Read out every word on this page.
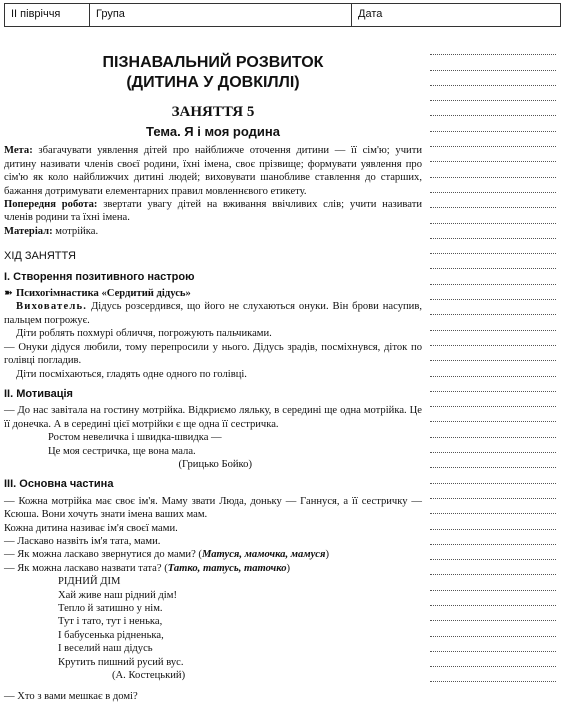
II півріччя	Група	Дата
ПІЗНАВАЛЬНИЙ РОЗВИТОК
(ДИТИНА У ДОВКІЛЛІ)
ЗАНЯТТЯ 5
Тема. Я і моя родина

Мета: збагачувати уявлення дітей про найближче оточення дитини — її сім'ю; учити дитину називати членів своєї родини, їхні імена, своє прізвище; формувати уявлення про сім'ю як коло найближчих дитині людей; виховувати шанобливе ставлення до старших, бажання дотримувати елементарних правил мовленнєвого етикету.

Попередня робота: звертати увагу дітей на вживання ввічливих слів; учити називати членів родини та їхні імена.

Матеріал: мотрійка.

ХІД ЗАНЯТТЯ
I. Створення позитивного настрою

➽ Психогімнастика «Сердитий дідусь»

Вихователь. Дідусь розсердився, що його не слухаються онуки. Він брови насупив, пальцем погрожує.

Діти роблять похмурі обличчя, погрожують пальчиками.

— Онуки дідуся любили, тому перепросили у нього. Дідусь зрадів, посміхнувся, діток по голівці погладив.

Діти посміхаються, гладять одне одного по голівці.

II. Мотивація

— До нас завітала на гостину мотрійка. Відкриємо ляльку, в середині ще одна мотрійка. Це її донечка. А в середині цієї мотрійки є ще одна її сестричка.

Ростом невеличка і швидка-швидка —
Це моя сестричка, ще вона мала.
(Грицько Бойко)
III. Основна частина

— Кожна мотрійка має своє ім'я. Маму звати Люда, доньку — Ганнуся, а її сестричку — Ксюша. Вони хочуть знати імена ваших мам.

Кожна дитина називає ім'я своєї мами.

— Ласкаво назвіть ім'я тата, мами.

— Як можна ласкаво звернутися до мами? (Матуся, мамочка, мамуся)

— Як можна ласкаво назвати тата? (Татко, татусь, таточко)

РІДНИЙ ДІМ
Хай живе наш рідний дім!
Тепло й затишно у нім.
Тут і тато, тут і ненька,
І бабусенька рідненька,
І веселий наш дідусь
Крутить пишний русий вус.
(А. Костецький)

— Хто з вами мешкає в домі?
